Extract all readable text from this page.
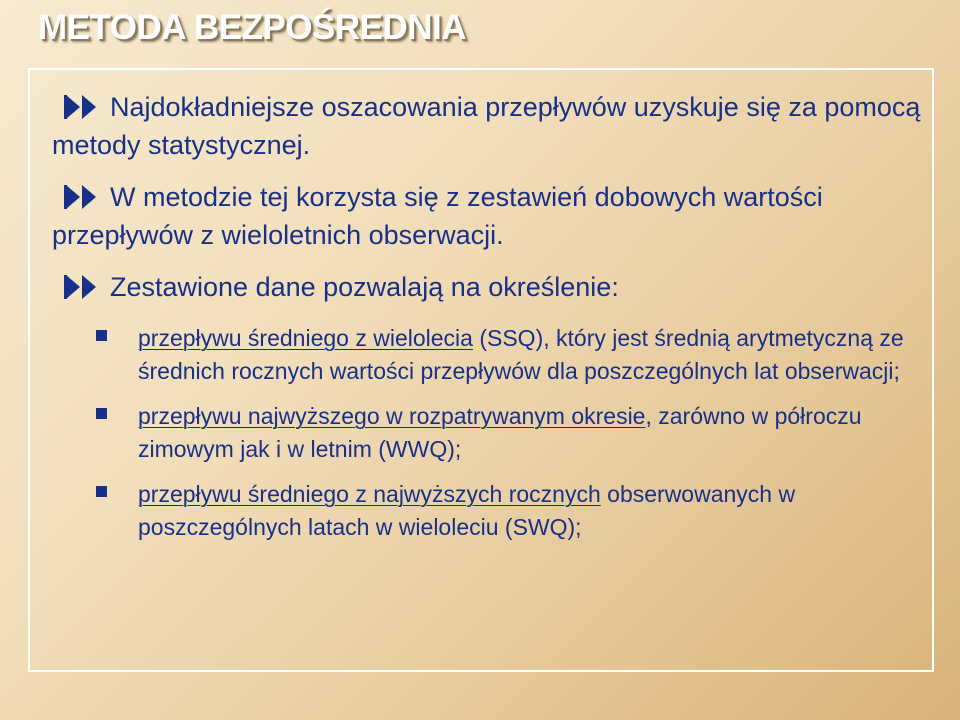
METODA BEZPOŚREDNIA
Najdokładniejsze oszacowania przepływów uzyskuje się za pomocą metody statystycznej.
W metodzie tej korzysta się z zestawień dobowych wartości przepływów z wieloletnich obserwacji.
Zestawione dane pozwalają na określenie:
przepływu średniego z wielolecia (SSQ), który jest średnią arytmetyczną ze średnich rocznych wartości przepływów dla poszczególnych lat obserwacji;
przepływu najwyższego w rozpatrywanym okresie, zarówno w półroczu zimowym jak i w letnim (WWQ);
przepływu średniego z najwyższych rocznych obserwowanych w poszczególnych latach w wieloleciu (SWQ);
